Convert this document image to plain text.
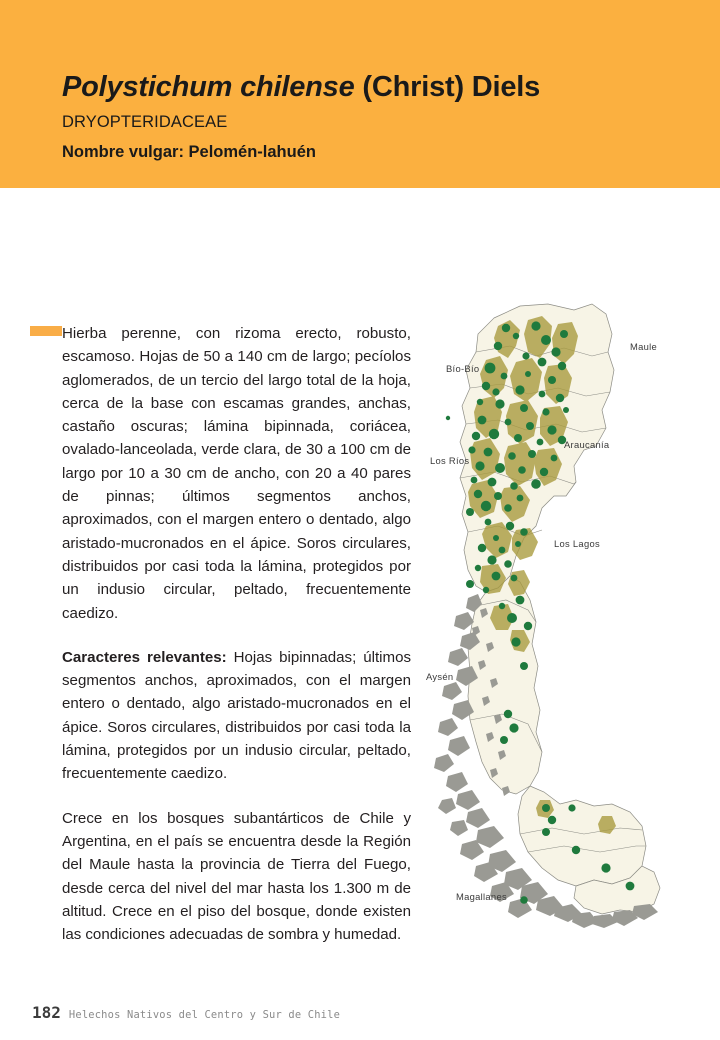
Polystichum chilense (Christ) Diels
DRYOPTERIDACEAE
Nombre vulgar: Pelomén-lahuén

Hierba perenne, con rizoma erecto, robusto, escamoso. Hojas de 50 a 140 cm de largo; pecíolos aglomerados, de un tercio del largo total de la hoja, cerca de la base con escamas grandes, anchas, castaño oscuras; lámina bipinnada, coriácea, ovalado-lanceolada, verde clara, de 30 a 100 cm de largo por 10 a 30 cm de ancho, con 20 a 40 pares de pinnas; últimos segmentos anchos, aproximados, con el margen entero o dentado, algo aristado-mucronados en el ápice. Soros circulares, distribuidos por casi toda la lámina, protegidos por un indusio circular, peltado, frecuentemente caedizo.

Caracteres relevantes: Hojas bipinnadas; últimos segmentos anchos, aproximados, con el margen entero o dentado, algo aristado-mucronados en el ápice. Soros circulares, distribuidos por casi toda la lámina, protegidos por un indusio circular, peltado, frecuentemente caedizo.

Crece en los bosques subantárticos de Chile y Argentina, en el país se encuentra desde la Región del Maule hasta la provincia de Tierra del Fuego, desde cerca del nivel del mar hasta los 1.300 m de altitud. Crece en el piso del bosque, donde existen las condiciones adecuadas de sombra y humedad.

Maule
Bío-Bío
Araucanía
Los Ríos
Los Lagos
Aysén
Magallanes
182 Helechos Nativos del Centro y Sur de Chile
